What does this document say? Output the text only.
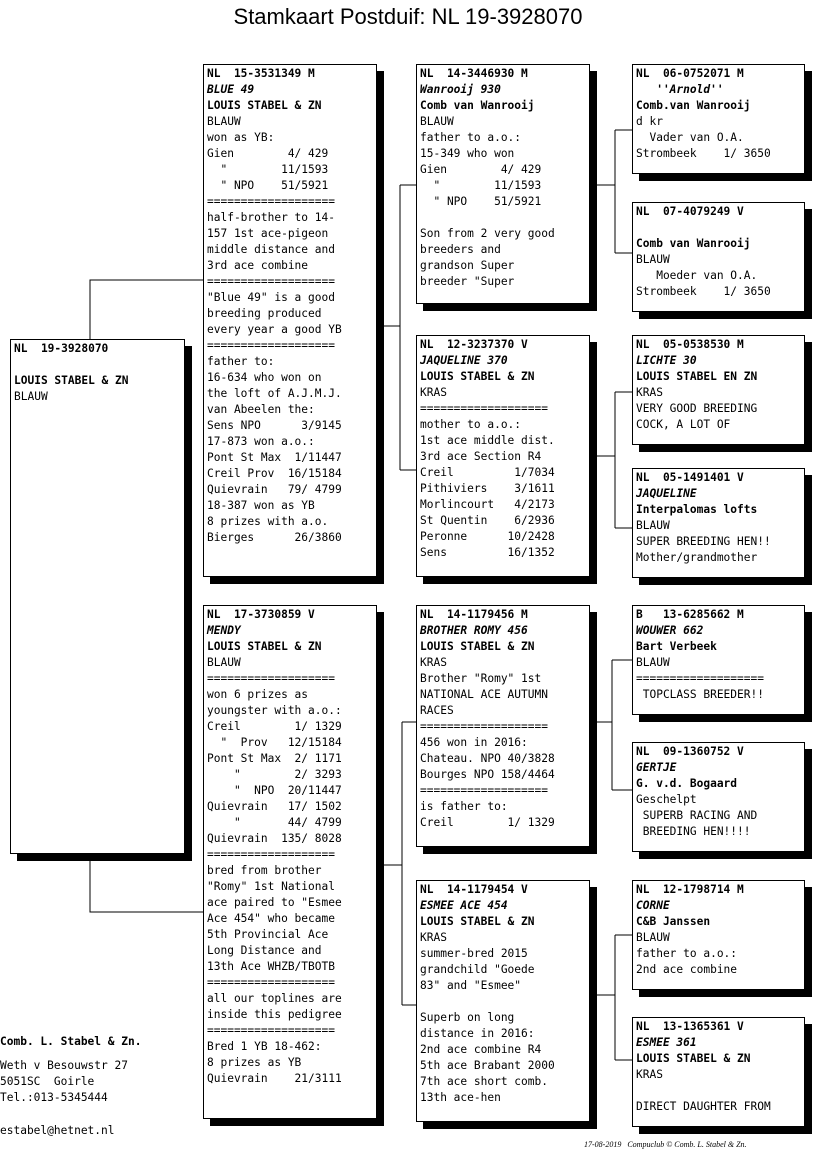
Stamkaart Postduif: NL 19-3928070
NL  19-3928070
LOUIS STABEL & ZN
BLAUW
NL  15-3531349 M
BLUE 49
LOUIS STABEL & ZN
BLAUW
won as YB:
Gien        4/ 429
"        11/1593
" NPO    51/5921
===================
half-brother to 14-
157 1st ace-pigeon
middle distance and
3rd ace combine
===================
"Blue 49" is a good
breeding produced
every year a good YB
===================
father to:
16-634 who won on
the loft of A.J.M.J.
van Abeelen the:
Sens NPO      3/9145
17-873 won a.o.:
Pont St Max  1/11447
Creil Prov  16/15184
Quievrain   79/ 4799
18-387 won as YB
8 prizes with a.o.
Bierges      26/3860
NL  17-3730859 V
MENDY
LOUIS STABEL & ZN
BLAUW
===================
won 6 prizes as
youngster with a.o.:
Creil        1/ 1329
"  Prov   12/15184
Pont St Max  2/ 1171
"        2/ 3293
"  NPO  20/11447
Quievrain   17/ 1502
"       44/ 4799
Quievrain  135/ 8028
===================
bred from brother
"Romy" 1st National
ace paired to "Esmee
Ace 454" who became
5th Provincial Ace
Long Distance and
13th Ace WHZB/TBOTB
===================
all our toplines are
inside this pedigree
===================
Bred 1 YB 18-462:
8 prizes as YB
Quievrain    21/3111
NL  14-3446930 M
Wanrooij 930
Comb van Wanrooij
BLAUW
father to a.o.:
15-349 who won
Gien        4/ 429
"        11/1593
" NPO    51/5921
Son from 2 very good
breeders and
grandson Super
breeder "Super
NL  12-3237370 V
JAQUELINE 370
LOUIS STABEL & ZN
KRAS
===================
mother to a.o.:
1st ace middle dist.
3rd ace Section R4
Creil         1/7034
Pithiviers    3/1611
Morlincourt   4/2173
St Quentin    6/2936
Peronne      10/2428
Sens         16/1352
NL  14-1179456 M
BROTHER ROMY 456
LOUIS STABEL & ZN
KRAS
Brother "Romy" 1st
NATIONAL ACE AUTUMN
RACES
===================
456 won in 2016:
Chateau. NPO 40/3828
Bourges NPO 158/4464
===================
is father to:
Creil        1/ 1329
NL  14-1179454 V
ESMEE ACE 454
LOUIS STABEL & ZN
KRAS
summer-bred 2015
grandchild "Goede
83" and "Esmee"
Superb on long
distance in 2016:
2nd ace combine R4
5th ace Brabant 2000
7th ace short comb.
13th ace-hen
NL  06-0752071 M
''Arnold''
Comb.van Wanrooij
d kr
Vader van O.A.
Strombeek    1/ 3650
NL  07-4079249 V
Comb van Wanrooij
BLAUW
Moeder van O.A.
Strombeek    1/ 3650
NL  05-0538530 M
LICHTE 30
LOUIS STABEL EN ZN
KRAS
VERY GOOD BREEDING
COCK, A LOT OF
NL  05-1491401 V
JAQUELINE
Interpalomas lofts
BLAUW
SUPER BREEDING HEN!!
Mother/grandmother
B   13-6285662 M
WOUWER 662
Bart Verbeek
BLAUW
===================
TOPCLASS BREEDER!!
NL  09-1360752 V
GERTJE
G. v.d. Bogaard
Geschelpt
SUPERB RACING AND
BREEDING HEN!!!!
NL  12-1798714 M
CORNE
C&B Janssen
BLAUW
father to a.o.:
2nd ace combine
NL  13-1365361 V
ESMEE 361
LOUIS STABEL & ZN
KRAS
DIRECT DAUGHTER FROM
Comb. L. Stabel & Zn.
Weth v Besouwstr 27
5051SC  Goirle
Tel.:013-5345444
estabel@hetnet.nl
17-08-2019   Compuclub © Comb. L. Stabel & Zn.
